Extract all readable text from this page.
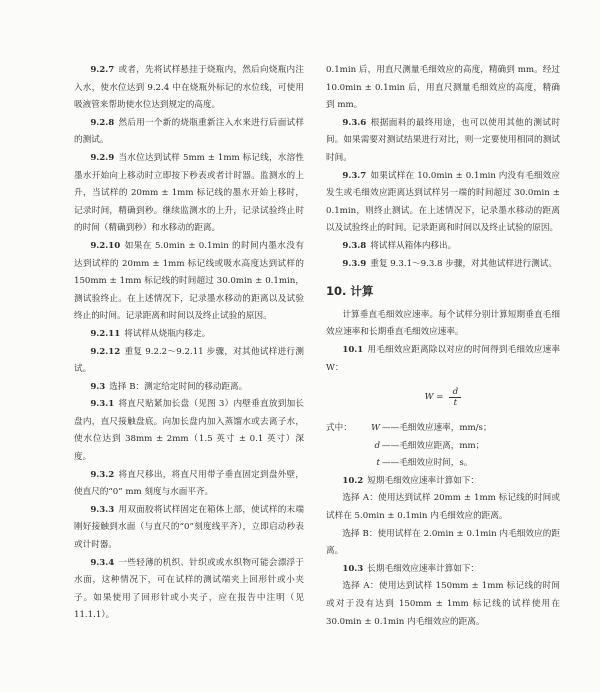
9.2.7 或者，先将试样悬挂于烧瓶内，然后向烧瓶内注入水，使水位达到 9.2.4 中在烧瓶外标记的水位线，可使用吸液管来帮助使水位达到规定的高度。

9.2.8 然后用一个新的烧瓶重新注入水来进行后面试样的测试。

9.2.9 当水位达到试样 5mm ± 1mm 标记线，水溶性墨水开始向上移动时立即按下秒表或者计时器。监测水的上升，当试样的 20mm ± 1mm 标记线的墨水开始上移时，记录时间，精确到秒。继续监测水的上升，记录试验终止时的时间（精确到秒）和水移动的距离。

9.2.10 如果在 5.0min ± 0.1min 的时间内墨水没有达到试样的 20mm ± 1mm 标记线或吸水高度达到试样的 150mm ± 1mm 标记线的时间超过 30.0min ± 0.1min，测试验终止。在上述情况下，记录墨水移动的距离以及试验终止的时间。记录距离和时间以及终止试验的原因。

9.2.11 将试样从烧瓶内移走。

9.2.12 重复 9.2.2～9.2.11 步骤，对其他试样进行测试。

9.3 选择 B：测定给定时间的移动距离。

9.3.1 将直尺贴紧加长盘（见图 3）内壁垂直放到加长盘内，直尺接触盘底。向加长盘内加入蒸馏水或去离子水，使水位达到 38mm ± 2mm（1.5 英寸 ± 0.1 英寸）深度。

9.3.2 将直尺移出，将直尺用带子垂直固定到盘外壁，使直尺的“0” mm 刻度与水面平齐。

9.3.3 用双面胶将试样固定在箱体上部，使试样的末端刚好接触到水面（与直尺的“0”刻度线平齐），立即启动秒表或计时器。

9.3.4 一些轻薄的机织、针织或或水织物可能会漂浮于水面，这种情况下，可在试样的测试端夹上回形针或小夹子。如果使用了回形针或小夹子，应在报告中注明（见 11.1.1）。

0.1min 后，用直尺测量毛细效应的高度，精确到 mm。经过 10.0min ± 0.1min 后，用直尺测量毛细效应的高度，精确到 mm。

9.3.6 根据面料的最终用途，也可以使用其他的测试时间。如果需要对测试结果进行对比，则一定要使用相同的测试时间。

9.3.7 如果试样在 10.0min ± 0.1min 内没有毛细效应发生或毛细效应距离达到试样另一端的时间超过 30.0min ± 0.1min，则终止测试。在上述情况下，记录墨水移动的距离以及试验终止的时间。记录距离和时间以及终止试验的原因。

9.3.8 将试样从箱体内移出。

9.3.9 重复 9.3.1～9.3.8 步骤，对其他试样进行测试。

10. 计算

计算垂直毛细效应速率。每个试样分别计算短期垂直毛细效应速率和长期垂直毛细效应速率。

10.1 用毛细效应距离除以对应的时间得到毛细效应速率 W：

$W = \frac{d}{t}$
式中：	W ——毛细效应速率，mm/s；
d ——毛细效应距离，mm；
t ——毛细效应时间，s。

10.2 短期毛细效应速率计算如下：

选择 A：使用达到试样 20mm ± 1mm 标记线的时间或试样在 5.0min ± 0.1min 内毛细效应的距离。

选择 B：使用试样在 2.0min ± 0.1min 内毛细效应的距离。

10.3 长期毛细效应速率计算如下：

选择 A：使用达到试样 150mm ± 1mm 标记线的时间或对于没有达到 150mm ± 1mm 标记线的试样使用在 30.0min ± 0.1min 内毛细效应的距离。
